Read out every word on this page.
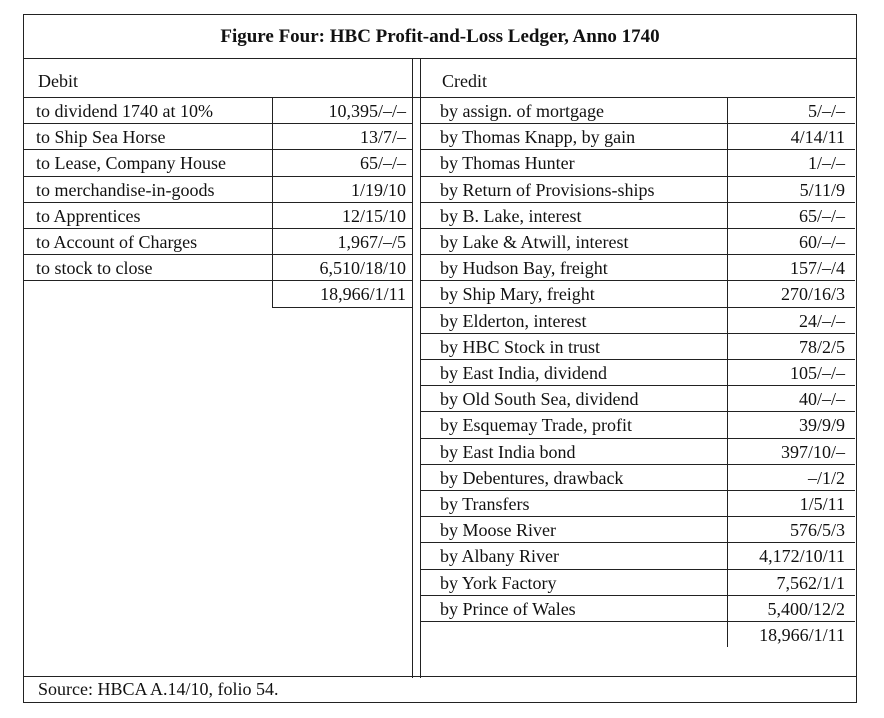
Figure Four: HBC Profit-and-Loss Ledger, Anno 1740
Debit	Credit
to dividend 1740 at 10%	10,395/–/–
to Ship Sea Horse	13/7/–
to Lease, Company House	65/–/–
to merchandise-in-goods	1/19/10
to Apprentices	12/15/10
to Account of Charges	1,967/–/5
to stock to close	6,510/18/10
18,966/1/11
by assign. of mortgage	5/–/–
by Thomas Knapp, by gain	4/14/11
by Thomas Hunter	1/–/–
by Return of Provisions-ships	5/11/9
by B. Lake, interest	65/–/–
by Lake & Atwill, interest	60/–/–
by Hudson Bay, freight	157/–/4
by Ship Mary, freight	270/16/3
by Elderton, interest	24/–/–
by HBC Stock in trust	78/2/5
by East India, dividend	105/–/–
by Old South Sea, dividend	40/–/–
by Esquemay Trade, profit	39/9/9
by East India bond	397/10/–
by Debentures, drawback	–/1/2
by Transfers	1/5/11
by Moose River	576/5/3
by Albany River	4,172/10/11
by York Factory	7,562/1/1
by Prince of Wales	5,400/12/2
18,966/1/11
Source: HBCA A.14/10, folio 54.
